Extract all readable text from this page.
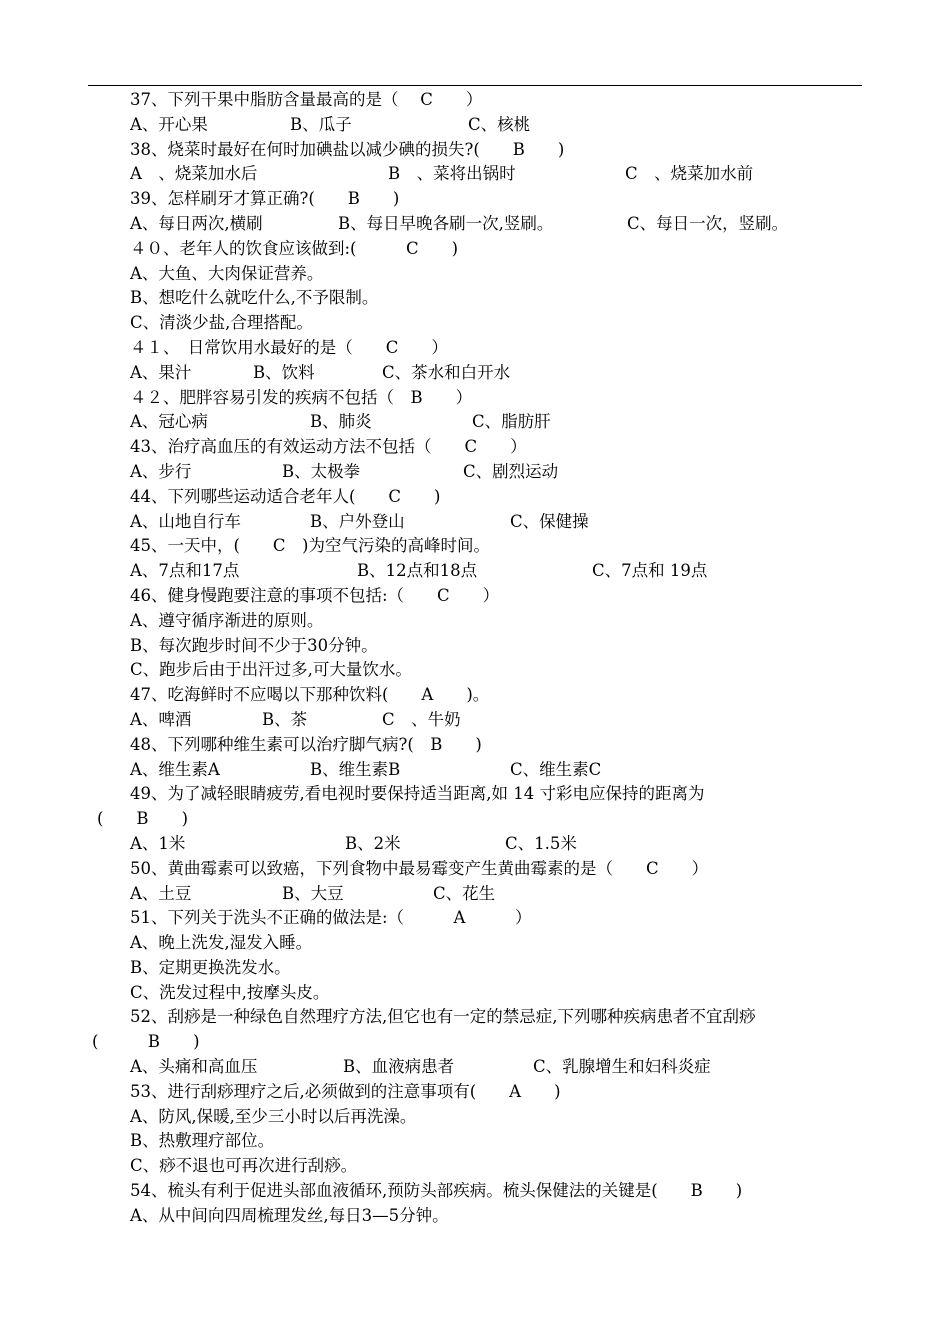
37、下列干果中脂肪含量最高的是（　 C　　）
A、开心果	B、瓜子	C、核桃
38、烧菜时最好在何时加碘盐以减少碘的损失?(　　B　　)
A　、烧菜加水后	B　、菜将出锅时	C　、烧菜加水前
39、怎样刷牙才算正确?(　　B　　)
A、每日两次,横刷	B、每日早晚各刷一次,竖刷。	C、每日一次，竖刷。
４０、老年人的饮食应该做到:(　　　C　　)
A、大鱼、大肉保证营养。
B、想吃什么就吃什么,不予限制。
C、清淡少盐,合理搭配。
４１、　日常饮用水最好的是（　　C　　）
A、果汁	B、饮料	C、茶水和白开水
４２、肥胖容易引发的疾病不包括（　B　　）
A、冠心病	B、肺炎	C、脂肪肝
43、治疗高血压的有效运动方法不包括（　　C　　）
A、步行	B、太极拳	C、剧烈运动
44、下列哪些运动适合老年人(　　C　　)
A、山地自行车	B、户外登山	C、保健操
45、一天中，(　　C　)为空气污染的高峰时间。
A、7点和17点	B、12点和18点	C、7点和 19点
46、健身慢跑要注意的事项不包括:（　　C　　）
A、遵守循序渐进的原则。
B、每次跑步时间不少于30分钟。
C、跑步后由于出汗过多,可大量饮水。
47、吃海鲜时不应喝以下那种饮料(　　A　　)。
A、啤酒	B、茶	C　、牛奶
48、下列哪种维生素可以治疗脚气病?(　B　　)
A、维生素A	B、维生素B	C、维生素C
49、为了减轻眼睛疲劳,看电视时要保持适当距离,如 14 寸彩电应保持的距离为
(　　B　　)
A、1米	B、2米	C、1.5米
50、黄曲霉素可以致癌，下列食物中最易霉变产生黄曲霉素的是（　　C　　）
A、土豆	B、大豆	C、花生
51、下列关于洗头不正确的做法是:（　　　A　　　）
A、晚上洗发,湿发入睡。
B、定期更换洗发水。
C、洗发过程中,按摩头皮。
52、刮痧是一种绿色自然理疗方法,但它也有一定的禁忌症,下列哪种疾病患者不宜刮痧
(　　　B　　)
A、头痛和高血压	B、血液病患者	C、乳腺增生和妇科炎症
53、进行刮痧理疗之后,必须做到的注意事项有(　　A　　)
A、防风,保暖,至少三小时以后再洗澡。
B、热敷理疗部位。
C、痧不退也可再次进行刮痧。
54、梳头有利于促进头部血液循环,预防头部疾病。梳头保健法的关键是(　　B　　)
A、从中间向四周梳理发丝,每日3—5分钟。
